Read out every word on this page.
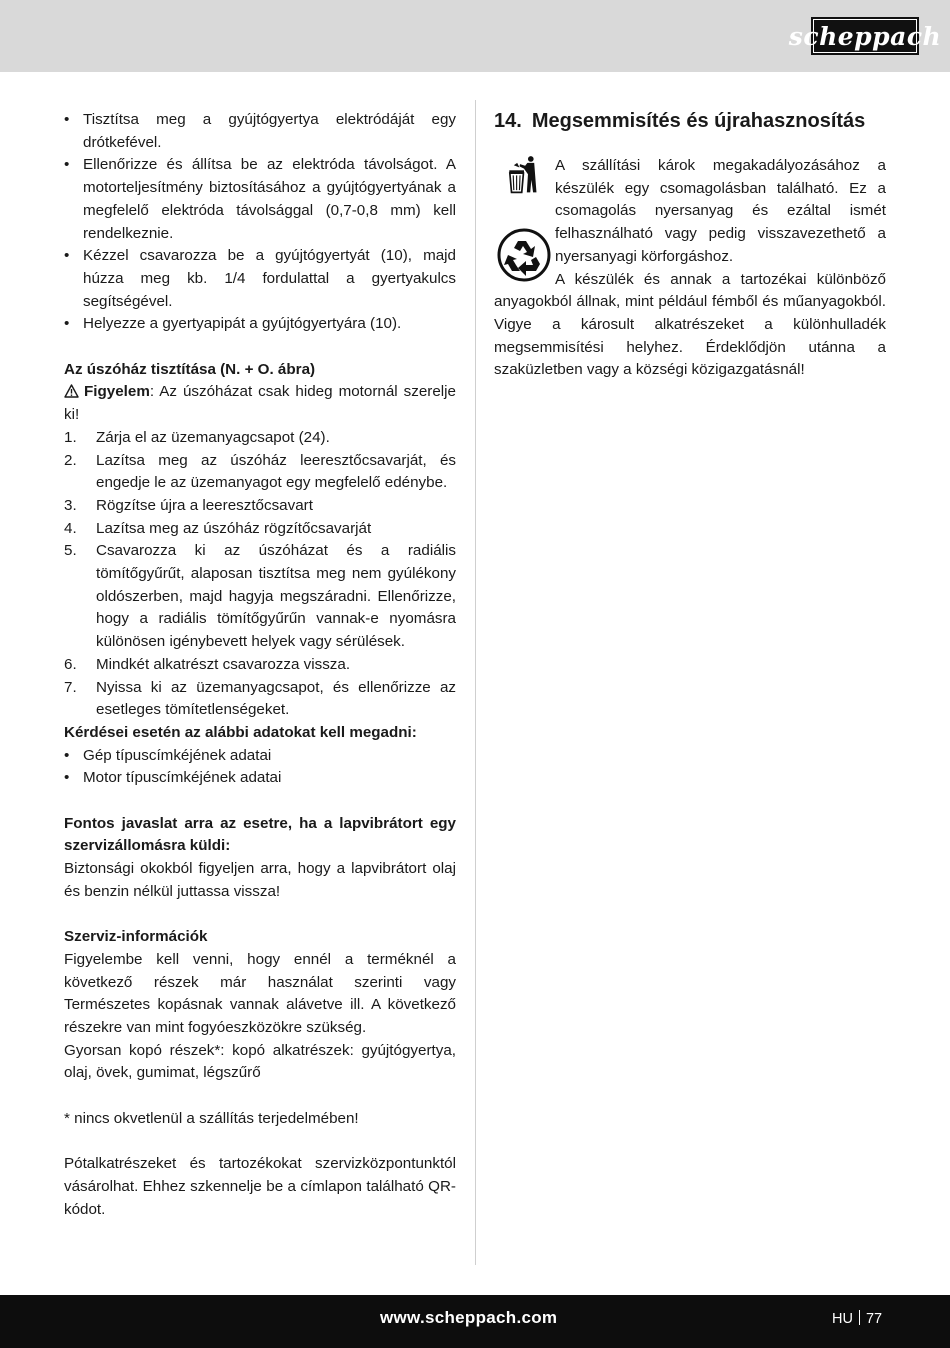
scheppach
• Tisztítsa meg a gyújtógyertya elektródáját egy drótkefével.
• Ellenőrizze és állítsa be az elektróda távolságot. A motorteljesítmény biztosításához a gyújtógyertyának a megfelelő elektróda távolsággal (0,7-0,8 mm) kell rendelkeznie.
• Kézzel csavarozza be a gyújtógyertyát (10), majd húzza meg kb. 1/4 fordulattal a gyertyakulcs segítségével.
• Helyezze a gyertyapipát a gyújtógyertyára (10).
Az úszóház tisztítása (N. + O. ábra)
Figyelem: Az úszóházat csak hideg motornál szerelje ki!
1. Zárja el az üzemanyagcsapot (24).
2. Lazítsa meg az úszóház leeresztőcsavarját, és engedje le az üzemanyagot egy megfelelő edénybe.
3. Rögzítse újra a leeresztőcsavart
4. Lazítsa meg az úszóház rögzítőcsavarját
5. Csavarozza ki az úszóházat és a radiális tömítőgyűrűt, alaposan tisztítsa meg nem gyúlékony oldószerben, majd hagyja megszáradni. Ellenőrizze, hogy a radiális tömítőgyűrűn vannak-e nyomásra különösen igénybevett helyek vagy sérülések.
6. Mindkét alkatrészt csavarozza vissza.
7. Nyissa ki az üzemanyagcsapot, és ellenőrizze az esetleges tömítetlenségeket.
Kérdései esetén az alábbi adatokat kell megadni:
• Gép típuscímkéjének adatai
• Motor típuscímkéjének adatai
Fontos javaslat arra az esetre, ha a lapvibrátort egy szervizállomásra küldi:
Biztonsági okokból figyeljen arra, hogy a lapvibrátort olaj és benzin nélkül juttassa vissza!
Szerviz-információk
Figyelembe kell venni, hogy ennél a terméknél a következő részek már használat szerinti vagy Természetes kopásnak vannak alávetve ill. A következő részekre van mint fogyóeszközökre szükség.
Gyorsan kopó részek*: kopó alkatrészek: gyújtógyertya, olaj, övek, gumimat, légszűrő
* nincs okvetlenül a szállítás terjedelmében!
Pótalkatrészeket és tartozékokat szervizközpontunktól vásárolhat. Ehhez szkennelje be a címlapon található QR-kódot.
14. Megsemmisítés és újrahasznosítás
A szállítási károk megakadályozásához a készülék egy csomagolásban található. Ez a csomagolás nyersanyag és ezáltal ismét felhasználható vagy pedig visszavezethető a nyersanyagi körforgáshoz.
A készülék és annak a tartozékai különböző anyagokból állnak, mint például fémből és műanyagokból. Vigye a károsult alkatrészeket a különhulladék megsemmisítési helyhez. Érdeklődjön utánna a szaküzletben vagy a községi közigazgatásnál!
www.scheppach.com	HU 77
